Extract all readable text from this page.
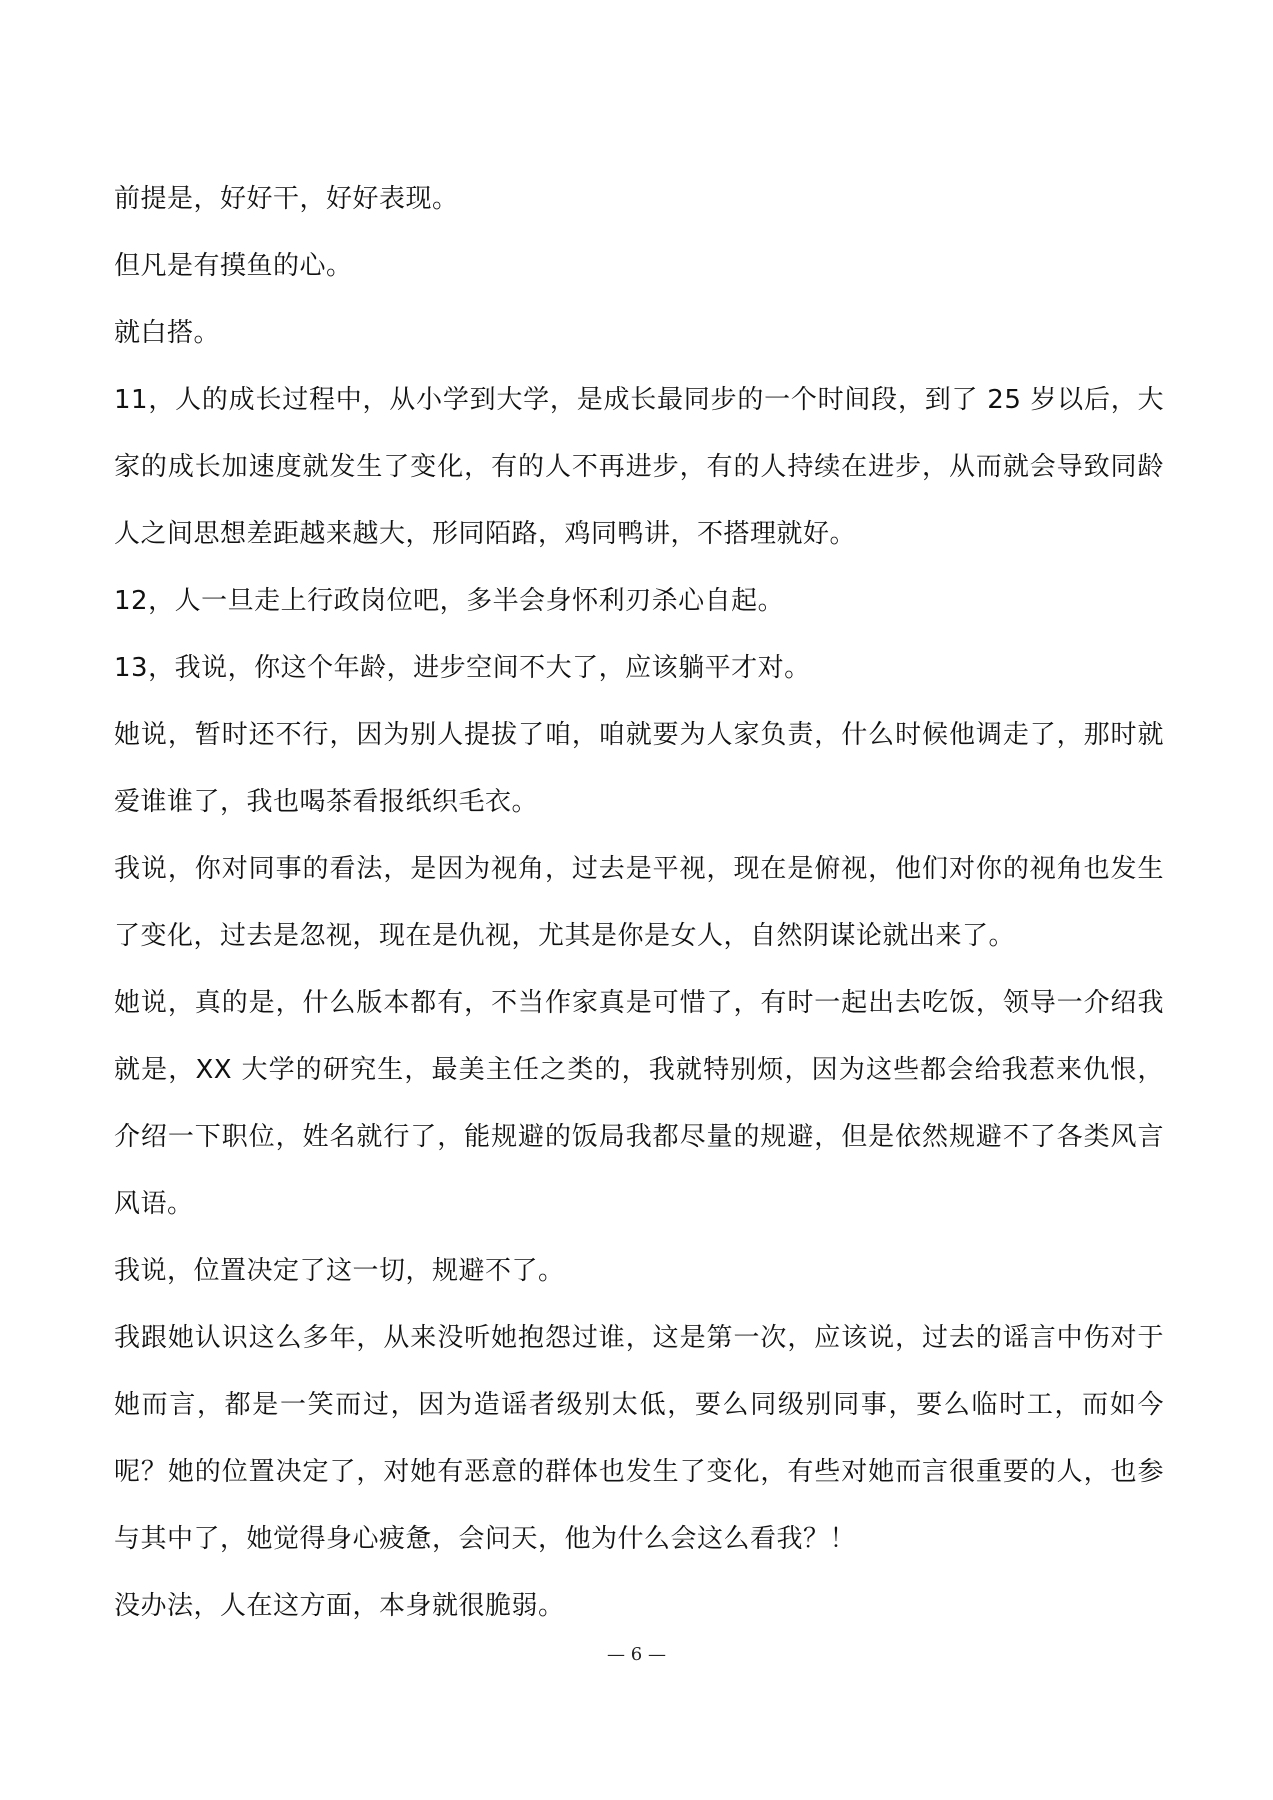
前提是，好好干，好好表现。

但凡是有摸鱼的心。

就白搭。

11，人的成长过程中，从小学到大学，是成长最同步的一个时间段，到了 25 岁以后，大家的成长加速度就发生了变化，有的人不再进步，有的人持续在进步，从而就会导致同龄人之间思想差距越来越大，形同陌路，鸡同鸭讲，不搭理就好。

12，人一旦走上行政岗位吧，多半会身怀利刃杀心自起。

13，我说，你这个年龄，进步空间不大了，应该躺平才对。

她说，暂时还不行，因为别人提拔了咱，咱就要为人家负责，什么时候他调走了，那时就爱谁谁了，我也喝茶看报纸织毛衣。

我说，你对同事的看法，是因为视角，过去是平视，现在是俯视，他们对你的视角也发生了变化，过去是忽视，现在是仇视，尤其是你是女人，自然阴谋论就出来了。

她说，真的是，什么版本都有，不当作家真是可惜了，有时一起出去吃饭，领导一介绍我就是，XX 大学的研究生，最美主任之类的，我就特别烦，因为这些都会给我惹来仇恨，介绍一下职位，姓名就行了，能规避的饭局我都尽量的规避，但是依然规避不了各类风言风语。

我说，位置决定了这一切，规避不了。

我跟她认识这么多年，从来没听她抱怨过谁，这是第一次，应该说，过去的谣言中伤对于她而言，都是一笑而过，因为造谣者级别太低，要么同级别同事，要么临时工，而如今呢？她的位置决定了，对她有恶意的群体也发生了变化，有些对她而言很重要的人，也参与其中了，她觉得身心疲惫，会问天，他为什么会这么看我？！

没办法，人在这方面，本身就很脆弱。

— 6 —
